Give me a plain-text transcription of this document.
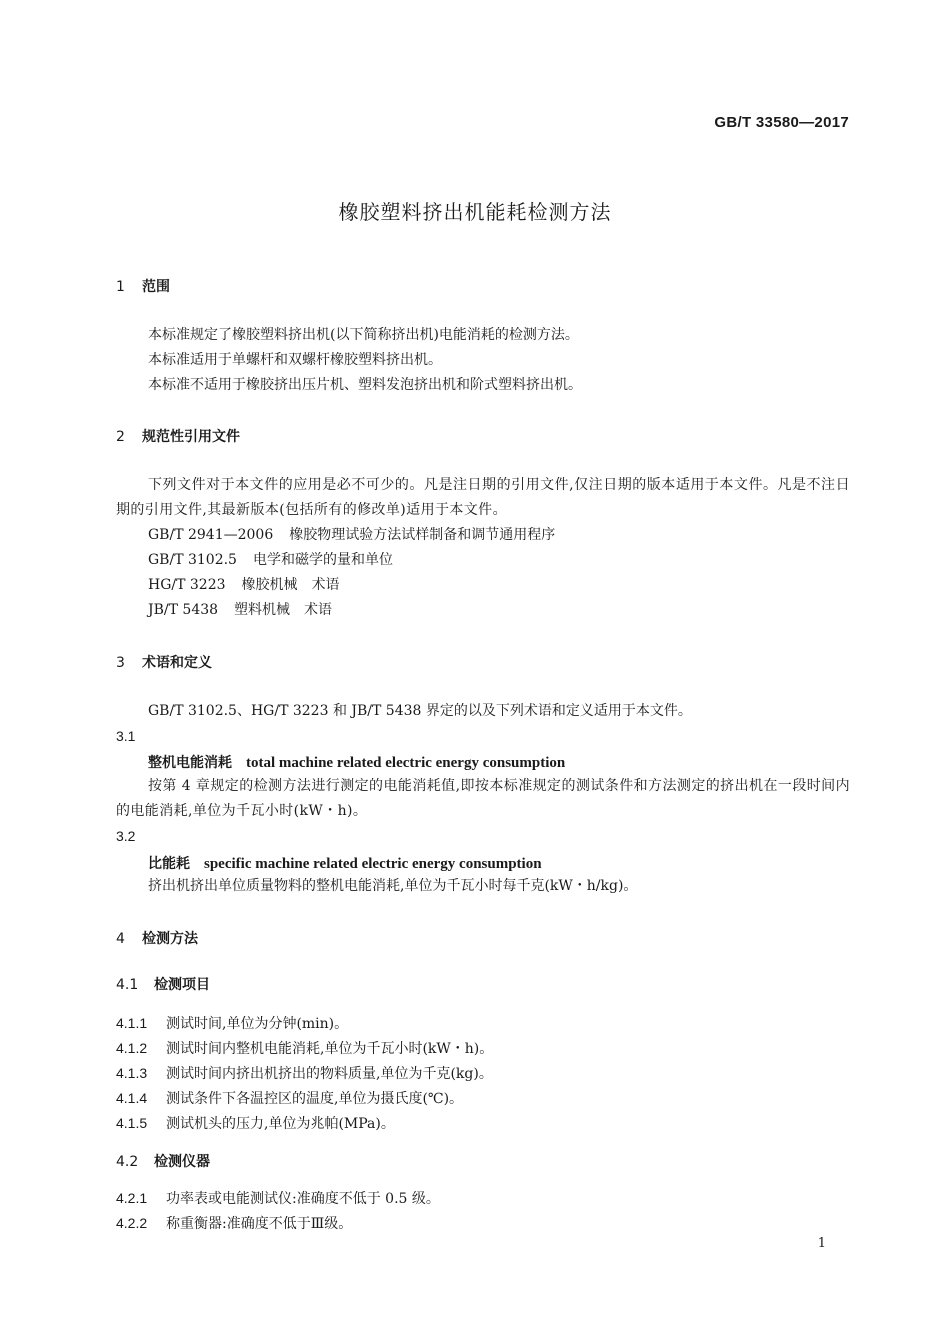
GB/T 33580—2017
橡胶塑料挤出机能耗检测方法
1 范围
本标准规定了橡胶塑料挤出机(以下简称挤出机)电能消耗的检测方法。
本标准适用于单螺杆和双螺杆橡胶塑料挤出机。
本标准不适用于橡胶挤出压片机、塑料发泡挤出机和阶式塑料挤出机。
2 规范性引用文件
下列文件对于本文件的应用是必不可少的。凡是注日期的引用文件,仅注日期的版本适用于本文件。凡是不注日期的引用文件,其最新版本(包括所有的修改单)适用于本文件。
GB/T 2941—2006 橡胶物理试验方法试样制备和调节通用程序
GB/T 3102.5 电学和磁学的量和单位
HG/T 3223 橡胶机械　术语
JB/T 5438 塑料机械　术语
3 术语和定义
GB/T 3102.5、HG/T 3223 和 JB/T 5438 界定的以及下列术语和定义适用于本文件。
3.1
整机电能消耗 total machine related electric energy consumption
按第 4 章规定的检测方法进行测定的电能消耗值,即按本标准规定的测试条件和方法测定的挤出机在一段时间内的电能消耗,单位为千瓦小时(kW・h)。
3.2
比能耗 specific machine related electric energy consumption
挤出机挤出单位质量物料的整机电能消耗,单位为千瓦小时每千克(kW・h/kg)。
4 检测方法
4.1 检测项目
4.1.1 测试时间,单位为分钟(min)。
4.1.2 测试时间内整机电能消耗,单位为千瓦小时(kW・h)。
4.1.3 测试时间内挤出机挤出的物料质量,单位为千克(kg)。
4.1.4 测试条件下各温控区的温度,单位为摄氏度(℃)。
4.1.5 测试机头的压力,单位为兆帕(MPa)。
4.2 检测仪器
4.2.1 功率表或电能测试仪:准确度不低于 0.5 级。
4.2.2 称重衡器:准确度不低于Ⅲ级。
1
